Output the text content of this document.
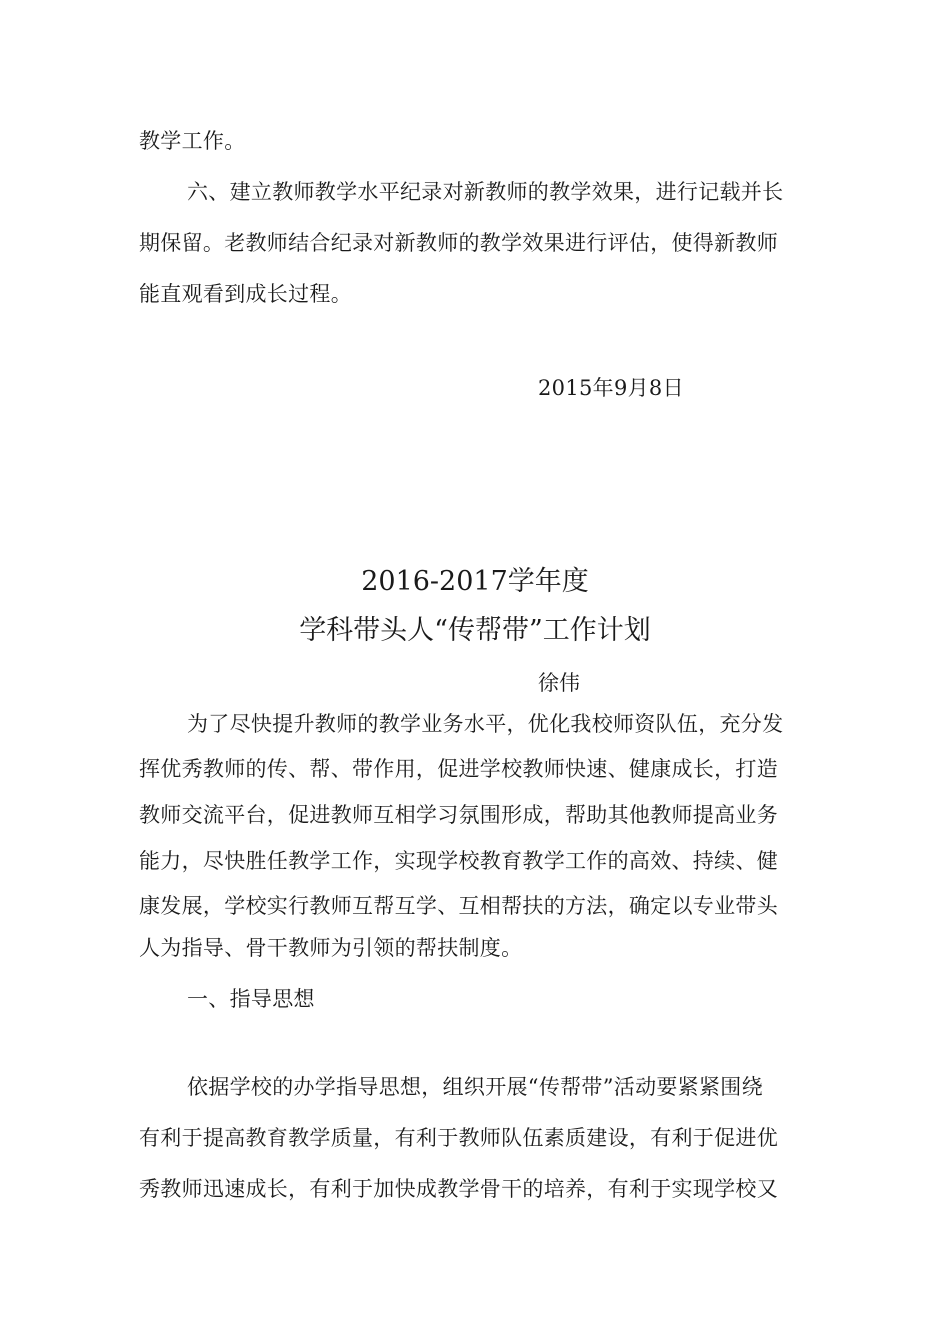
教学工作。
六、建立教师教学水平纪录对新教师的教学效果，进行记载并长
期保留。老教师结合纪录对新教师的教学效果进行评估，使得新教师
能直观看到成长过程。
2015年9月8日
2016-2017学年度
学科带头人“传帮带”工作计划
徐伟
为了尽快提升教师的教学业务水平，优化我校师资队伍，充分发
挥优秀教师的传、帮、带作用，促进学校教师快速、健康成长，打造
教师交流平台，促进教师互相学习氛围形成，帮助其他教师提高业务
能力，尽快胜任教学工作，实现学校教育教学工作的高效、持续、健
康发展，学校实行教师互帮互学、互相帮扶的方法，确定以专业带头
人为指导、骨干教师为引领的帮扶制度。
一、指导思想
依据学校的办学指导思想，组织开展“传帮带”活动要紧紧围绕
有利于提高教育教学质量，有利于教师队伍素质建设，有利于促进优
秀教师迅速成长，有利于加快成教学骨干的培养，有利于实现学校又
